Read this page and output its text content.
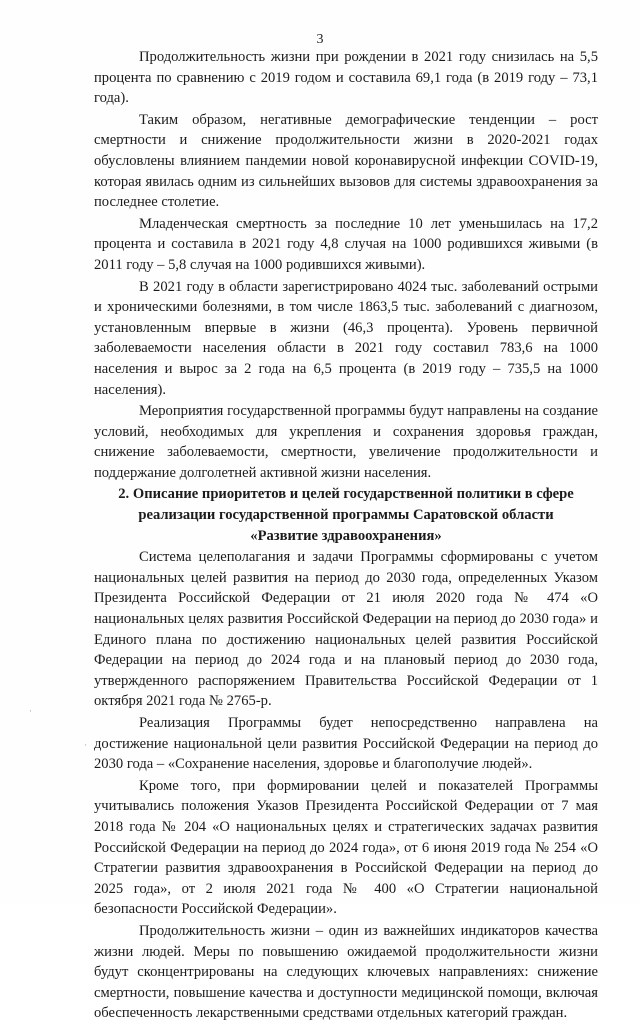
3

Продолжительность жизни при рождении в 2021 году снизилась на 5,5 процента по сравнению с 2019 годом и составила 69,1 года (в 2019 году – 73,1 года).

Таким образом, негативные демографические тенденции – рост смертности и снижение продолжительности жизни в 2020-2021 годах обусловлены влиянием пандемии новой коронавирусной инфекции COVID-19, которая явилась одним из сильнейших вызовов для системы здравоохранения за последнее столетие.

Младенческая смертность за последние 10 лет уменьшилась на 17,2 процента и составила в 2021 году 4,8 случая на 1000 родившихся живыми (в 2011 году – 5,8 случая на 1000 родившихся живыми).

В 2021 году в области зарегистрировано 4024 тыс. заболеваний острыми и хроническими болезнями, в том числе 1863,5 тыс. заболеваний с диагнозом, установленным впервые в жизни (46,3 процента). Уровень первичной заболеваемости населения области в 2021 году составил 783,6 на 1000 населения и вырос за 2 года на 6,5 процента (в 2019 году – 735,5 на 1000 населения).

Мероприятия государственной программы будут направлены на создание условий, необходимых для укрепления и сохранения здоровья граждан, снижение заболеваемости, смертности, увеличение продолжительности и поддержание долголетней активной жизни населения.

2. Описание приоритетов и целей государственной политики в сфере
реализации государственной программы Саратовской области
«Развитие здравоохранения»

Система целеполагания и задачи Программы сформированы с учетом национальных целей развития на период до 2030 года, определенных Указом Президента Российской Федерации от 21 июля 2020 года № 474 «О национальных целях развития Российской Федерации на период до 2030 года» и Единого плана по достижению национальных целей развития Российской Федерации на период до 2024 года и на плановый период до 2030 года, утвержденного распоряжением Правительства Российской Федерации от 1 октября 2021 года № 2765-р.

Реализация Программы будет непосредственно направлена на достижение национальной цели развития Российской Федерации на период до 2030 года – «Сохранение населения, здоровье и благополучие людей».

Кроме того, при формировании целей и показателей Программы учитывались положения Указов Президента Российской Федерации от 7 мая 2018 года № 204 «О национальных целях и стратегических задачах развития Российской Федерации на период до 2024 года», от 6 июня 2019 года № 254 «О Стратегии развития здравоохранения в Российской Федерации на период до 2025 года», от 2 июля 2021 года № 400 «О Стратегии национальной безопасности Российской Федерации».

Продолжительность жизни – один из важнейших индикаторов качества жизни людей. Меры по повышению ожидаемой продолжительности жизни будут сконцентрированы на следующих ключевых направлениях: снижение смертности, повышение качества и доступности медицинской помощи, включая обеспеченность лекарственными средствами отдельных категорий граждан.

·
·
